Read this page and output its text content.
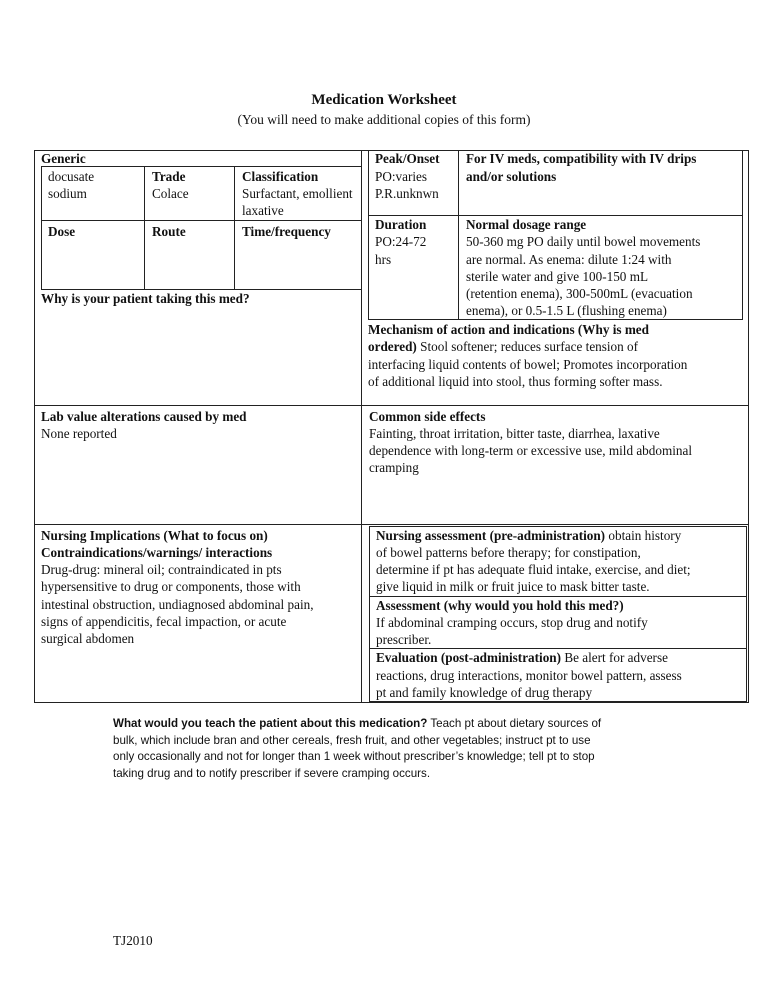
Medication Worksheet
(You will need to make additional copies of this form)
Generic
docusate
sodium
Trade
Colace
Classification
Surfactant, emollient
laxative
Dose	Route	Time/frequency
Why is your patient taking this med?
Peak/Onset
PO:varies
P.R.unknwn
For IV meds, compatibility with IV drips
and/or solutions
Duration
PO:24-72
hrs
Normal dosage range
50-360 mg PO daily until bowel movements
are normal. As enema: dilute 1:24 with
sterile water and give 100-150 mL
(retention enema), 300-500mL (evacuation
enema), or 0.5-1.5 L (flushing enema)
Mechanism of action and indications (Why is med
ordered) Stool softener; reduces surface tension of
interfacing liquid contents of bowel; Promotes incorporation
of additional liquid into stool, thus forming softer mass.
Lab value alterations caused by med
None reported
Common side effects
Fainting, throat irritation, bitter taste, diarrhea, laxative
dependence with long-term or excessive use, mild abdominal
cramping
Nursing Implications (What to focus on)
Contraindications/warnings/ interactions
Drug-drug: mineral oil; contraindicated in pts
hypersensitive to drug or components, those with
intestinal obstruction, undiagnosed abdominal pain,
signs of appendicitis, fecal impaction, or acute
surgical abdomen
Nursing assessment (pre-administration) obtain history
of bowel patterns before therapy; for constipation,
determine if pt has adequate fluid intake, exercise, and diet;
give liquid in milk or fruit juice to mask bitter taste.
Assessment (why would you hold this med?)
If abdominal cramping occurs, stop drug and notify
prescriber.
Evaluation (post-administration) Be alert for adverse
reactions, drug interactions, monitor bowel pattern, assess
pt and family knowledge of drug therapy
What would you teach the patient about this medication? Teach pt about dietary sources of
bulk, which include bran and other cereals, fresh fruit, and other vegetables; instruct pt to use
only occasionally and not for longer than 1 week without prescriber’s knowledge; tell pt to stop
taking drug and to notify prescriber if severe cramping occurs.
TJ2010
